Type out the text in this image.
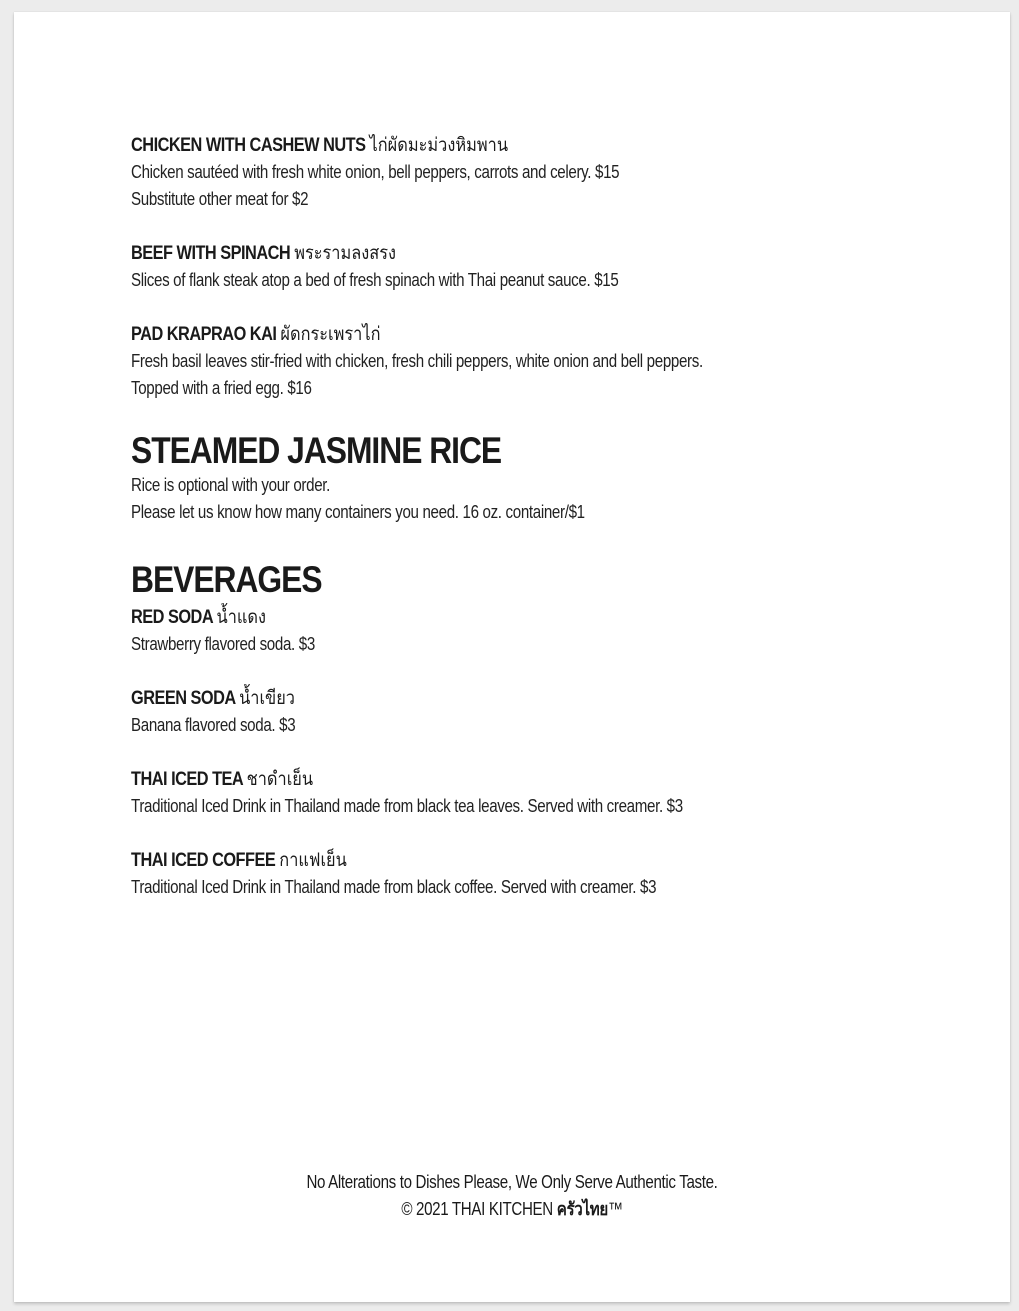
CHICKEN WITH CASHEW NUTS ไก่ผัดมะม่วงหิมพาน

Chicken sautéed with fresh white onion, bell peppers, carrots and celery. $15

Substitute other meat for $2

BEEF WITH SPINACH พระรามลงสรง

Slices of flank steak atop a bed of fresh spinach with Thai peanut sauce. $15

PAD KRAPRAO KAI ผัดกระเพราไก่

Fresh basil leaves stir-fried with chicken, fresh chili peppers, white onion and bell peppers.

Topped with a fried egg. $16

STEAMED JASMINE RICE

Rice is optional with your order.

Please let us know how many containers you need. 16 oz. container/$1

BEVERAGES

RED SODA น้ำแดง

Strawberry flavored soda. $3

GREEN SODA น้ำเขียว

Banana flavored soda. $3

THAI ICED TEA ชาดำเย็น

Traditional Iced Drink in Thailand made from black tea leaves. Served with creamer. $3

THAI ICED COFFEE กาแฟเย็น

Traditional Iced Drink in Thailand made from black coffee. Served with creamer. $3

No Alterations to Dishes Please, We Only Serve Authentic Taste.

© 2021 THAI KITCHEN ครัวไทย™
